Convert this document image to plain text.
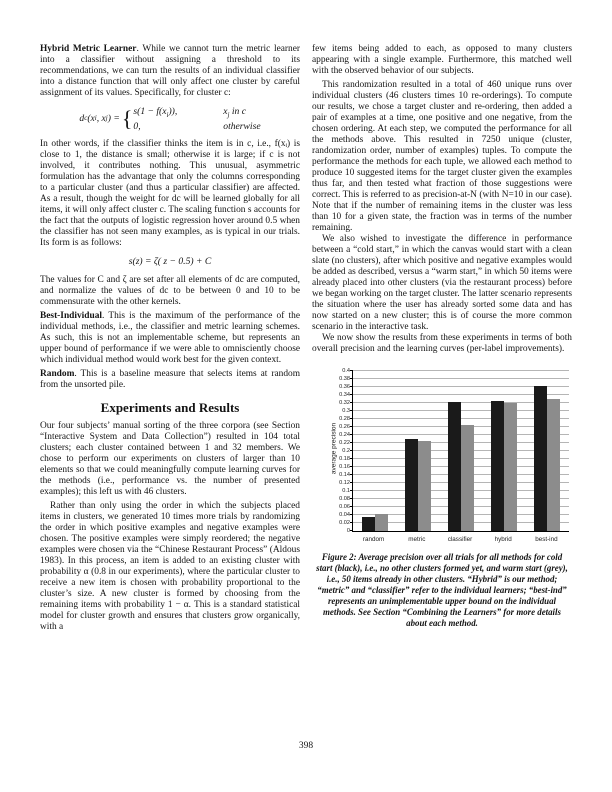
Hybrid Metric Learner. While we cannot turn the metric learner into a classifier without assigning a threshold to its recommendations, we can turn the results of an individual classifier into a distance function that will only affect one cluster by careful assignment of its values. Specifically, for cluster c:

d c (x i , x j ) = { $s(1 - f(x_i))$,
0,
$x_j$ in c
otherwise

In other words, if the classifier thinks the item is in c, i.e., f(xᵢ) is close to 1, the distance is small; otherwise it is large; if c is not involved, it contributes nothing. This unusual, asymmetric formulation has the advantage that only the columns corresponding to a particular cluster (and thus a particular classifier) are affected. As a result, though the weight for dc will be learned globally for all items, it will only affect cluster c. The scaling function s accounts for the fact that the outputs of logistic regression hover around 0.5 when the classifier has not seen many examples, as is typical in our trials. Its form is as follows:

s(z) = ζ( z − 0.5) + C

The values for C and ζ are set after all elements of dc are computed, and normalize the values of dc to be between 0 and 10 to be commensurate with the other kernels.

Best-Individual. This is the maximum of the performance of the individual methods, i.e., the classifier and metric learning schemes. As such, this is not an implementable scheme, but represents an upper bound of performance if we were able to omnisciently choose which individual method would work best for the given context.

Random. This is a baseline measure that selects items at random from the unsorted pile.

Experiments and Results

Our four subjects’ manual sorting of the three corpora (see Section “Interactive System and Data Collection”) resulted in 104 total clusters; each cluster contained between 1 and 32 members. We chose to perform our experiments on clusters of larger than 10 elements so that we could meaningfully compute learning curves for the methods (i.e., performance vs. the number of presented examples); this left us with 46 clusters.

Rather than only using the order in which the subjects placed items in clusters, we generated 10 times more trials by randomizing the order in which positive examples and negative examples were chosen. The positive examples were simply reordered; the negative examples were chosen via the “Chinese Restaurant Process” (Aldous 1983). In this process, an item is added to an existing cluster with probability α (0.8 in our experiments), where the particular cluster to receive a new item is chosen with probability proportional to the cluster’s size. A new cluster is formed by choosing from the remaining items with probability 1 − α. This is a standard statistical model for cluster growth and ensures that clusters grow organically, with a

few items being added to each, as opposed to many clusters appearing with a single example. Furthermore, this matched well with the observed behavior of our subjects.

This randomization resulted in a total of 460 unique runs over individual clusters (46 clusters times 10 re-orderings). To compute our results, we chose a target cluster and re-ordering, then added a pair of examples at a time, one positive and one negative, from the chosen ordering. At each step, we computed the performance for all the methods above. This resulted in 7250 unique (cluster, randomization order, number of examples) tuples. To compute the performance the methods for each tuple, we allowed each method to produce 10 suggested items for the target cluster given the examples thus far, and then tested what fraction of those suggestions were correct. This is referred to as precision-at-N (with N=10 in our case). Note that if the number of remaining items in the cluster was less than 10 for a given state, the fraction was in terms of the number remaining.

We also wished to investigate the difference in performance between a “cold start,” in which the canvas would start with a clean slate (no clusters), after which positive and negative examples would be added as described, versus a “warm start,” in which 50 items were already placed into other clusters (via the restaurant process) before we began working on the target cluster. The latter scenario represents the situation where the user has already sorted some data and has now started on a new cluster; this is of course the more common scenario in the interactive task.

We now show the results from these experiments in terms of both overall precision and the learning curves (per-label improvements).

average precision
0
0.02
0.04
0.06
0.08
0.1
0.12
0.14
0.16
0.18
0.2
0.22
0.24
0.26
0.28
0.3
0.32
0.34
0.36
0.38
0.4
random	metric	classifier	hybrid	best-ind

Figure 2: Average precision over all trials for all methods for cold start (black), i.e., no other clusters formed yet, and warm start (grey), i.e., 50 items already in other clusters. “Hybrid” is our method; “metric” and “classifier” refer to the individual learners; “best-ind” represents an unimplementable upper bound on the individual methods. See Section “Combining the Learners” for more details about each method.

398
